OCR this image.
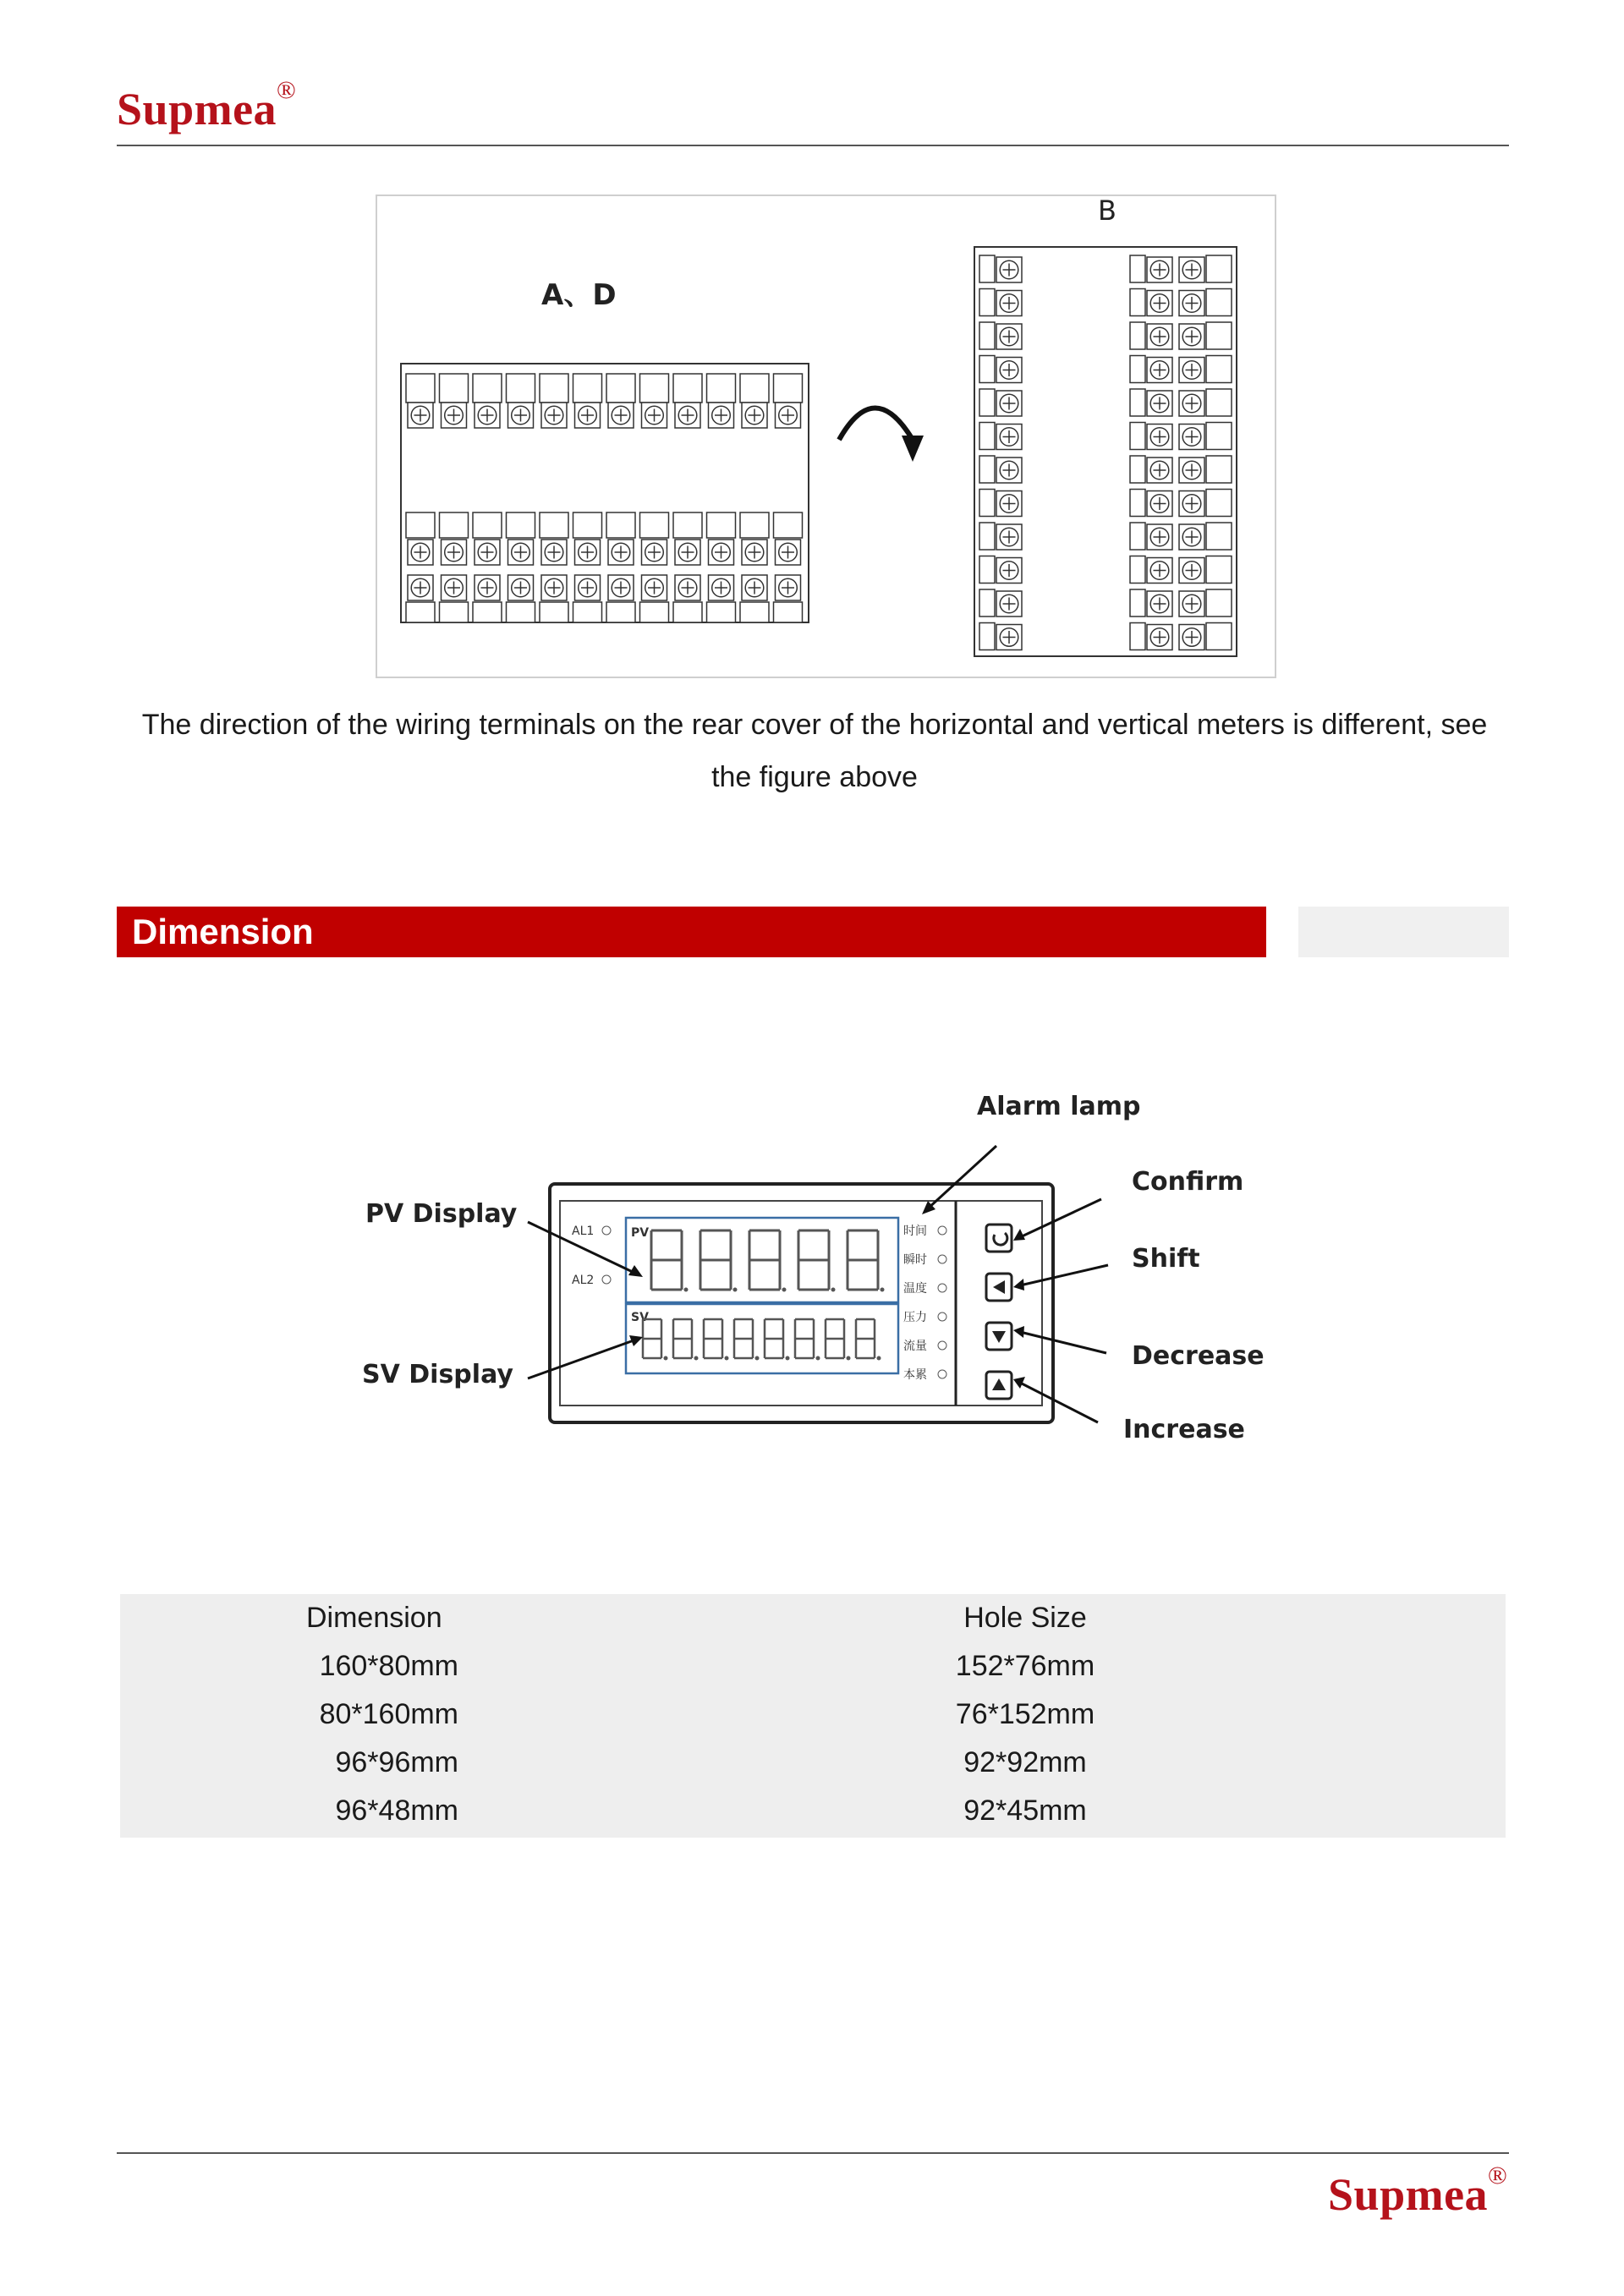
Supmea®
A、D
B
The direction of the wiring terminals on the rear cover of the horizontal and vertical meters is different, see
the figure above
Dimension
AL1
AL2
PV
SV
时间
瞬时
温度
压力
流量
本累
Alarm lamp
PV Display
SV Display
Confirm
Shift
Decrease
Increase
Dimension	Hole Size
160*80mm	152*76mm
80*160mm	76*152mm
96*96mm	92*92mm
96*48mm	92*45mm
Supmea®
